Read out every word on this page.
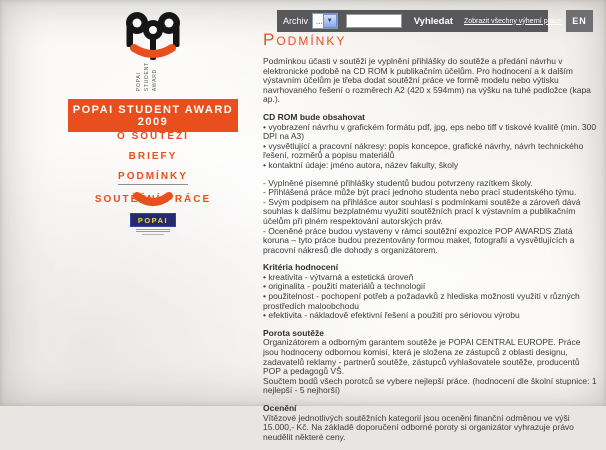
POPAI STUDENT AWARD
POPAI STUDENT AWARD 2009
O SOUTĚŽI
BRIEFY
PODMÍNKY
SOUTĚŽNÍ PRÁCE
POPAI
Archiv	... ▼	Vyhledat	Zobrazit všechny výherní práce	EN
Podmínky

Podmínkou účasti v soutěži je vyplnění přihlášky do soutěže a předání návrhu v elektronické podobě na CD ROM k publikačním účelům. Pro hodnocení a k dalším výstavním účelům je třeba dodat soutěžní práce ve formě modelu nebo výtisku navrhovaného řešení o rozměrech A2 (420 x 594mm) na výšku na tuhé podložce (kapa ap.).

CD ROM bude obsahovat
• vyobrazení návrhu v grafickém formátu pdf, jpg, eps nebo tiff v tiskové kvalitě (min. 300 DPI na A3)
• vysvětlující a pracovní nákresy: popis koncepce, grafické návrhy, návrh technického řešení, rozměrů a popisu materiálů
• kontaktní údaje: jméno autora, název fakulty, školy
- Vyplněné písemné přihlášky studentů budou potvrzeny razítkem školy.
- Přihlášená práce může být prací jednoho studenta nebo prací studentského týmu.
- Svým podpisem na přihlášce autor souhlasí s podmínkami soutěže a zároveň dává souhlas k dalšímu bezplatnému využití soutěžních prací k výstavním a publikačním účelům při plném respektování autorských práv.
- Oceněné práce budou vystaveny v rámci soutěžní expozice POP AWARDS Zlatá koruna – tyto práce budou prezentovány formou maket, fotografií a vysvětlujících a pracovní nákresů dle dohody s organizátorem.
Kritéria hodnocení
• kreativita - výtvarná a estetická úroveň
• originalita - použití materiálů a technologií
• použitelnost - pochopení potřeb a požadavků z hlediska možnosti využití v různých prostředích maloobchodu
• efektivita - nákladově efektivní řešení a použití pro sériovou výrobu
Porota soutěže

Organizátorem a odborným garantem soutěže je POPAI CENTRAL EUROPE. Práce jsou hodnoceny odbornou komisí, která je složena ze zástupců z oblasti designu, zadavatelů reklamy - partnerů soutěže, zástupců vyhlašovatele soutěže, producentů POP a pedagogů VŠ.

Součtem bodů všech porotců se vybere nejlepší práce. (hodnocení dle školní stupnice: 1 nejlepší - 5 nejhorší)

Ocenění

Vítězové jednotlivých soutěžních kategorií jsou oceněni finanční odměnou ve výši 15.000,- Kč. Na základě doporučení odborné poroty si organizátor vyhrazuje právo neudělit některé ceny.
